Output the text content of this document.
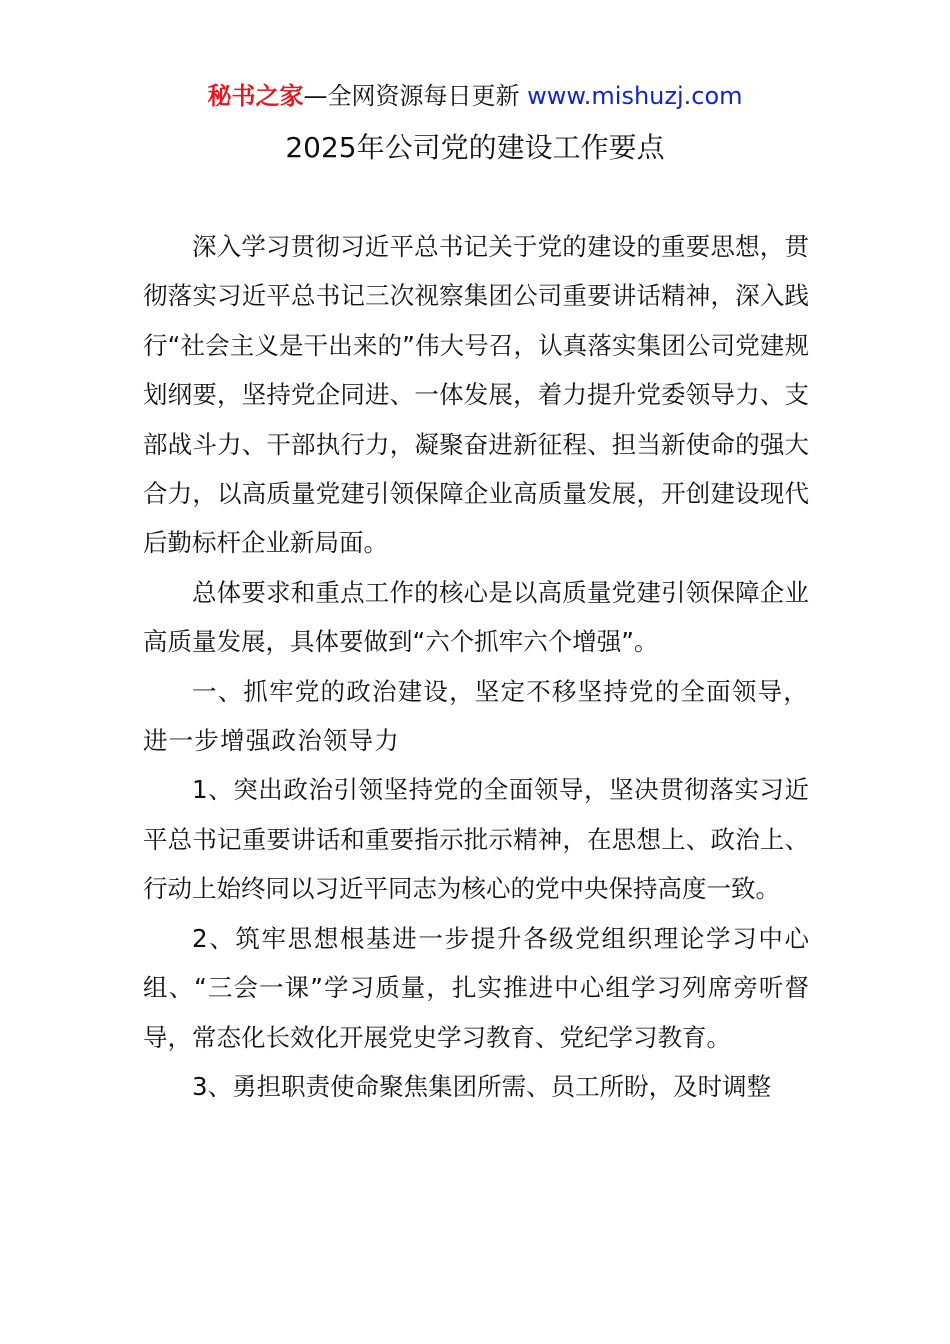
秘书之家—全网资源每日更新 www.mishuzj.com
2025年公司党的建设工作要点

深入学习贯彻习近平总书记关于党的建设的重要思想，贯彻落实习近平总书记三次视察集团公司重要讲话精神，深入践行“社会主义是干出来的”伟大号召，认真落实集团公司党建规划纲要，坚持党企同进、一体发展，着力提升党委领导力、支部战斗力、干部执行力，凝聚奋进新征程、担当新使命的强大合力，以高质量党建引领保障企业高质量发展，开创建设现代后勤标杆企业新局面。

总体要求和重点工作的核心是以高质量党建引领保障企业高质量发展，具体要做到“六个抓牢六个增强”。

一、抓牢党的政治建设，坚定不移坚持党的全面领导，进一步增强政治领导力

1、突出政治引领坚持党的全面领导，坚决贯彻落实习近平总书记重要讲话和重要指示批示精神，在思想上、政治上、行动上始终同以习近平同志为核心的党中央保持高度一致。

2、筑牢思想根基进一步提升各级党组织理论学习中心组、“三会一课”学习质量，扎实推进中心组学习列席旁听督导，常态化长效化开展党史学习教育、党纪学习教育。

3、勇担职责使命聚焦集团所需、员工所盼，及时调整
